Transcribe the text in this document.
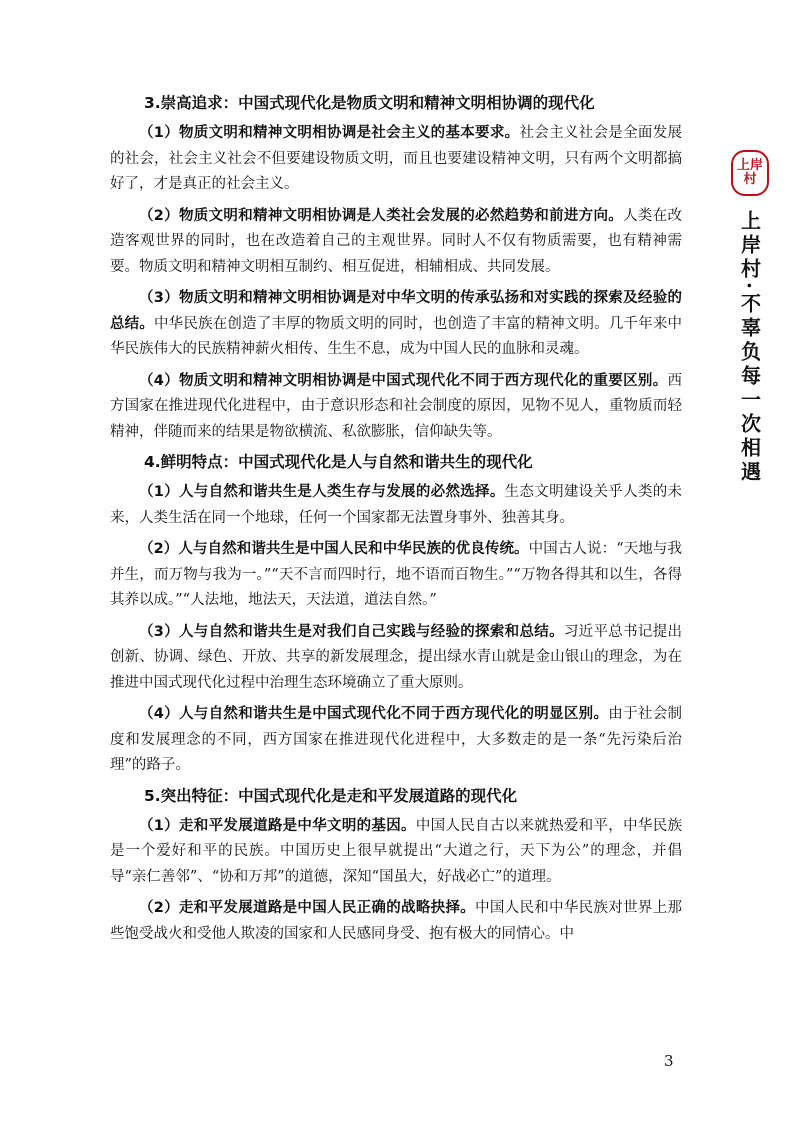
3.崇高追求：中国式现代化是物质文明和精神文明相协调的现代化

（1）物质文明和精神文明相协调是社会主义的基本要求。社会主义社会是全面发展的社会，社会主义社会不但要建设物质文明，而且也要建设精神文明，只有两个文明都搞好了，才是真正的社会主义。

（2）物质文明和精神文明相协调是人类社会发展的必然趋势和前进方向。人类在改造客观世界的同时，也在改造着自己的主观世界。同时人不仅有物质需要，也有精神需要。物质文明和精神文明相互制约、相互促进，相辅相成、共同发展。

（3）物质文明和精神文明相协调是对中华文明的传承弘扬和对实践的探索及经验的总结。中华民族在创造了丰厚的物质文明的同时，也创造了丰富的精神文明。几千年来中华民族伟大的民族精神薪火相传、生生不息，成为中国人民的血脉和灵魂。

（4）物质文明和精神文明相协调是中国式现代化不同于西方现代化的重要区别。西方国家在推进现代化进程中，由于意识形态和社会制度的原因，见物不见人，重物质而轻精神，伴随而来的结果是物欲横流、私欲膨胀，信仰缺失等。

4.鲜明特点：中国式现代化是人与自然和谐共生的现代化

（1）人与自然和谐共生是人类生存与发展的必然选择。生态文明建设关乎人类的未来，人类生活在同一个地球，任何一个国家都无法置身事外、独善其身。

（2）人与自然和谐共生是中国人民和中华民族的优良传统。中国古人说：“天地与我并生，而万物与我为一。”“天不言而四时行，地不语而百物生。”“万物各得其和以生，各得其养以成。”“人法地，地法天，天法道，道法自然。”

（3）人与自然和谐共生是对我们自己实践与经验的探索和总结。习近平总书记提出创新、协调、绿色、开放、共享的新发展理念，提出绿水青山就是金山银山的理念，为在推进中国式现代化过程中治理生态环境确立了重大原则。

（4）人与自然和谐共生是中国式现代化不同于西方现代化的明显区别。由于社会制度和发展理念的不同，西方国家在推进现代化进程中，大多数走的是一条“先污染后治理”的路子。

5.突出特征：中国式现代化是走和平发展道路的现代化

（1）走和平发展道路是中华文明的基因。中国人民自古以来就热爱和平，中华民族是一个爱好和平的民族。中国历史上很早就提出“大道之行，天下为公”的理念，并倡导“亲仁善邻”、“协和万邦”的道德，深知“国虽大，好战必亡”的道理。

（2）走和平发展道路是中国人民正确的战略抉择。中国人民和中华民族对世界上那些饱受战火和受他人欺凌的国家和人民感同身受、抱有极大的同情心。中

上岸
村
上岸村·不辜负每一次相遇
3
